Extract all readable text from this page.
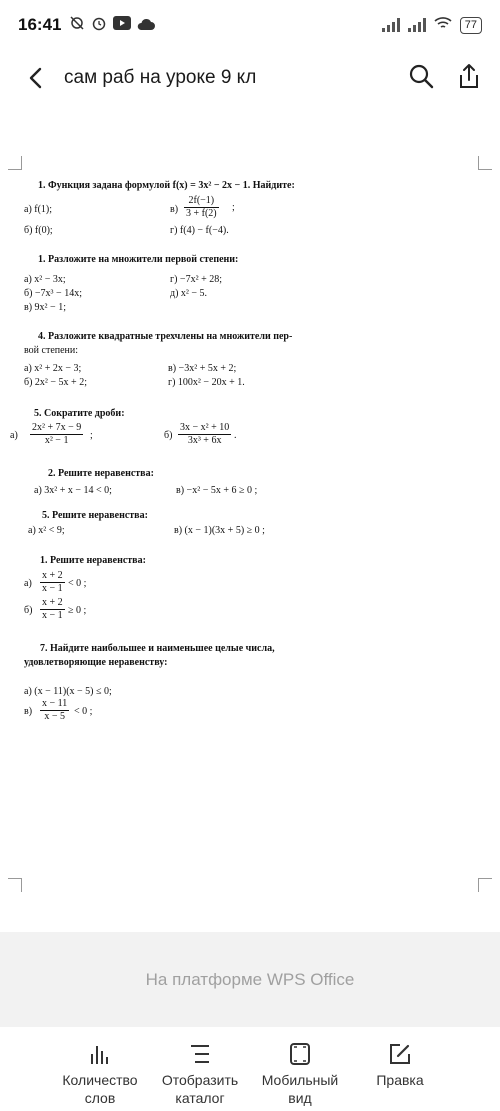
16:41	77
сам раб на уроке 9 кл
1. Функция задана формулой f(x) = 3x² − 2x − 1. Найдите:
а) f(1);	$в) \frac{2f(-1)}{3 + f(2)}$ ;
б) f(0);	г) f(4) − f(−4).
1. Разложите на множители первой степени:
а) x² − 3x;	г) −7x² + 28;
б) −7x³ − 14x;	д) x² − 5.
в) 9x² − 1;
4. Разложите квадратные трехчлены на множители пер-
вой степени:
а) x² + 2x − 3;	в) −3x² + 5x + 2;
б) 2x² − 5x + 2;	г) 100x² − 20x + 1.
5. Сократите дроби:
$а) \frac{\text{2x² + 7x − 9}}{\text{x² − 1}}$ ;	$б) \frac{\text{3x − x² + 10}}{\text{3x³ + 6x}}$ .
2. Решите неравенства:
а) 3x² + x − 14 < 0;	в) −x² − 5x + 6 ≥ 0 ;
5. Решите неравенства:
а) x² < 9;	в) (x − 1)(3x + 5) ≥ 0 ;
1. Решите неравенства:
$а) \frac{x + 2}{x - 1} < 0$ ;
$б) \frac{x + 2}{x - 1} \ge 0$ ;
7. Найдите наибольшее и наименьшее целые числа,
удовлетворяющие неравенству:
а) (x − 11)(x − 5) ≤ 0;
$в) \frac{x - 11}{x - 5} < 0$ ;
На платформе WPS Office
Количество
слов
Отобразить
каталог
Мобильный
вид
Правка
